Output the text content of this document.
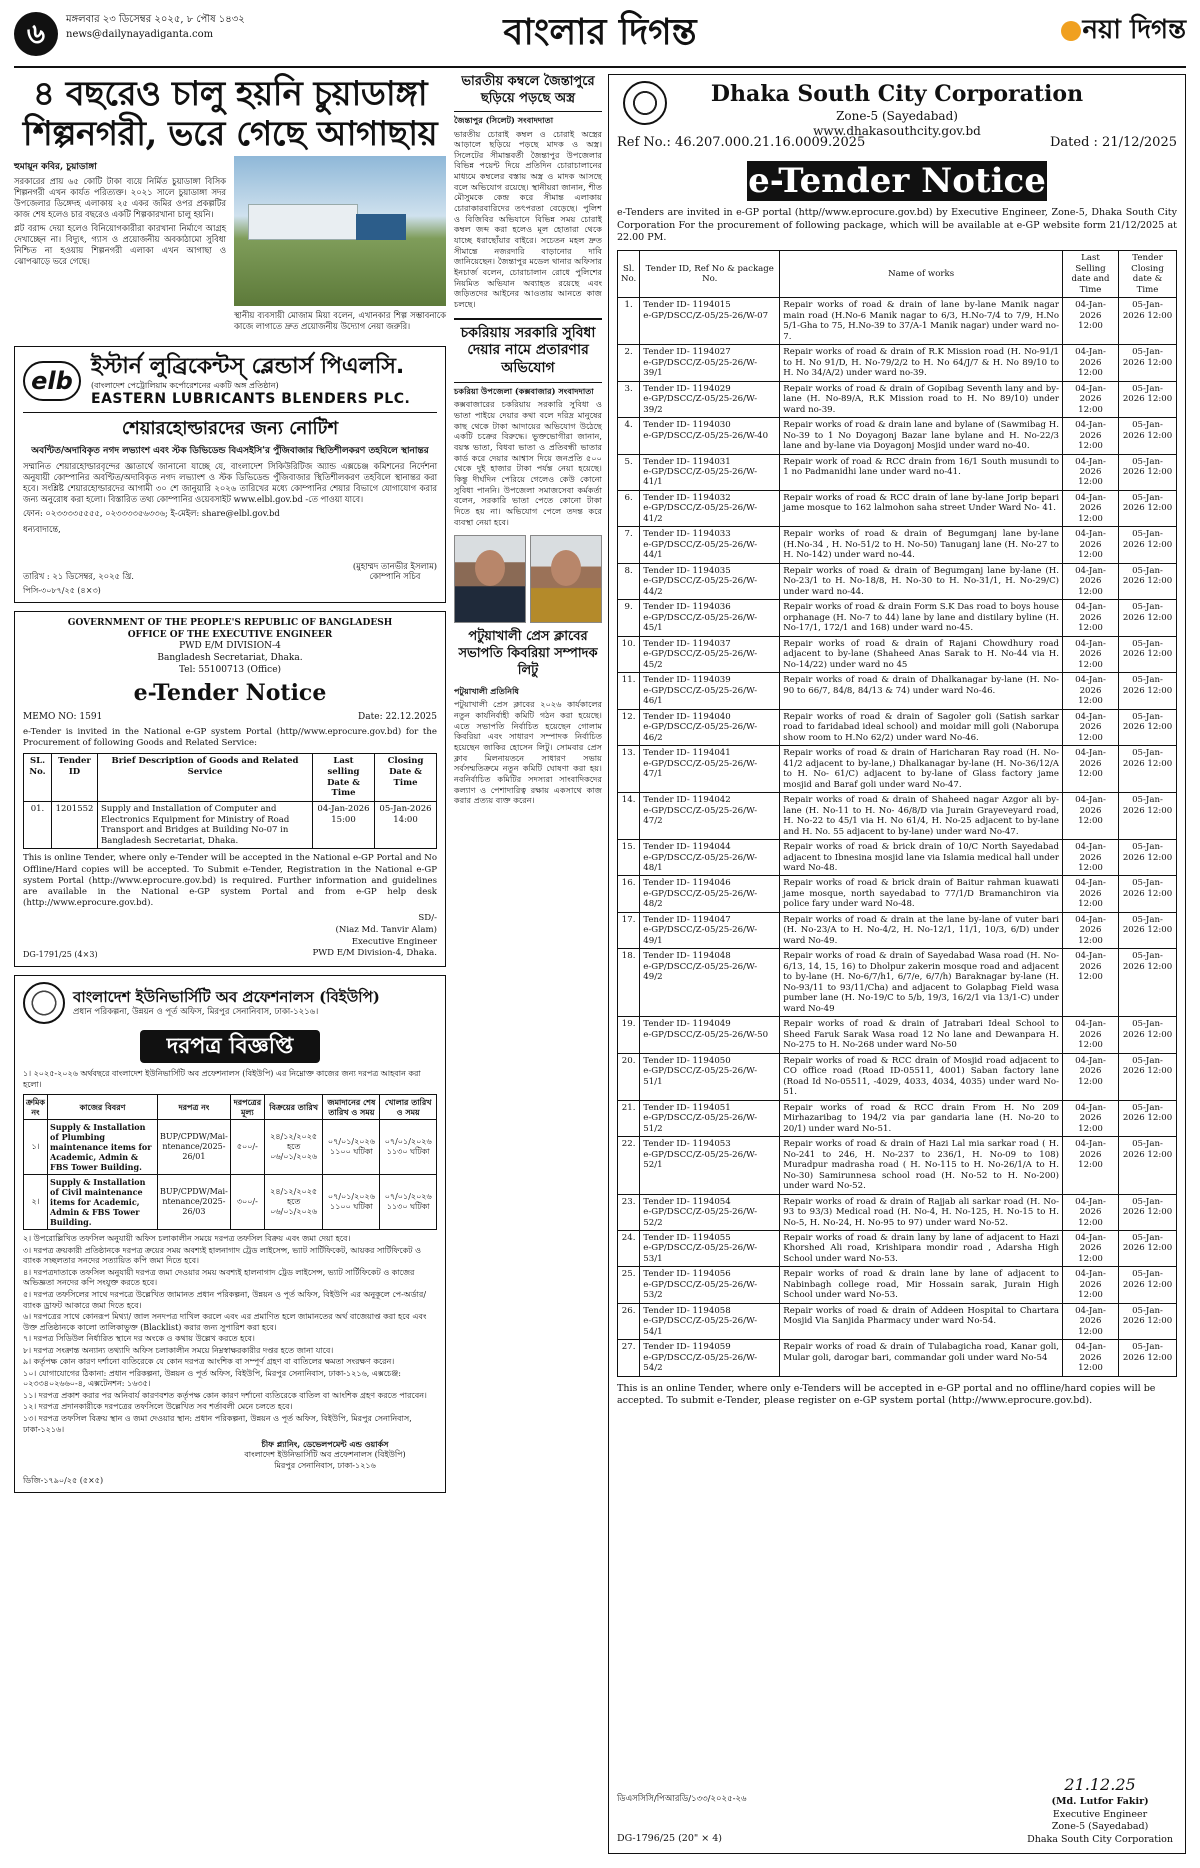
৬	মঙ্গলবার ২৩ ডিসেম্বর ২০২৫, ৮ পৌষ ১৪৩২
news@dailynayadiganta.com	বাংলার দিগন্ত	নয়া দিগন্ত
৪ বছরেও চালু হয়নি চুয়াডাঙ্গা শিল্পনগরী, ভরে গেছে আগাছায়
হুমায়ূন কবির, চুয়াডাঙ্গা
সরকারের প্রায় ৬৫ কোটি টাকা ব্যয়ে নির্মিত চুয়াডাঙ্গা বিসিক শিল্পনগরী এখন কার্যত পরিত্যক্ত। ২০২১ সালে চুয়াডাঙ্গা সদর উপজেলার ডিঙ্গেদহ এলাকায় ২৫ একর জমির ওপর প্রকল্পটির কাজ শেষ হলেও চার বছরেও একটি শিল্পকারখানা চালু হয়নি।
প্লট বরাদ্দ দেয়া হলেও বিনিয়োগকারীরা কারখানা নির্মাণে আগ্রহ দেখাচ্ছেন না। বিদ্যুৎ, গ্যাস ও প্রয়োজনীয় অবকাঠামো সুবিধা নিশ্চিত না হওয়ায় শিল্পনগরী এলাকা এখন আগাছা ও ঝোপঝাড়ে ভরে গেছে।
স্থানীয় ব্যবসায়ী মোজাম মিয়া বলেন, এখানকার শিল্প সম্ভাবনাকে কাজে লাগাতে দ্রুত প্রয়োজনীয় উদ্যোগ নেয়া জরুরি।
elb ইস্টার্ন লুব্রিকেন্টস্ ব্লেন্ডার্স পিএলসি.
(বাংলাদেশ পেট্রোলিয়াম কর্পোরেশনের একটি অঙ্গ প্রতিষ্ঠান)
EASTERN LUBRICANTS BLENDERS PLC.
শেয়ারহোল্ডারদের জন্য নোটিশ
অবণ্টিত/অদাবিকৃত নগদ লভ্যাংশ এবং স্টক ডিভিডেন্ড বিএসইসি'র পুঁজিবাজার স্থিতিশীলকরণ তহবিলে স্থানান্তর
সম্মানিত শেয়ারহোল্ডারবৃন্দের জ্ঞাতার্থে জানানো যাচ্ছে যে, বাংলাদেশ সিকিউরিটিজ অ্যান্ড এক্সচেঞ্জ কমিশনের নির্দেশনা অনুযায়ী কোম্পানির অবণ্টিত/অদাবিকৃত নগদ লভ্যাংশ ও স্টক ডিভিডেন্ড পুঁজিবাজার স্থিতিশীলকরণ তহবিলে স্থানান্তর করা হবে। সংশ্লিষ্ট শেয়ারহোল্ডারদের আগামী ৩০ শে জানুয়ারি ২০২৬ তারিখের মধ্যে কোম্পানির শেয়ার বিভাগে যোগাযোগ করার জন্য অনুরোধ করা হলো। বিস্তারিত তথ্য কোম্পানির ওয়েবসাইট www.elbl.gov.bd -তে পাওয়া যাবে।
ফোন: ০২৩৩৩৩৫৫৫৫, ০২৩৩৩৩৫৬৩৩৬; ই-মেইল: share@elbl.gov.bd
ধন্যবাদান্তে,
তারিখ : ২১ ডিসেম্বর, ২০২৫ খ্রি.
(মুহাম্মদ তানভীর ইসলাম)
কোম্পানি সচিব
পিসি-৩০৮৭/২৫ (৪×৩)
GOVERNMENT OF THE PEOPLE'S REPUBLIC OF BANGLADESH
OFFICE OF THE EXECUTIVE ENGINEER
PWD E/M DIVISION-4
Bangladesh Secretariat, Dhaka.
Tel: 55100713 (Office)
e-Tender Notice
MEMO NO: 1591	Date: 22.12.2025
e-Tender is invited in the National e-GP system Portal (http//www.eprocure.gov.bd) for the Procurement of following Goods and Related Service:
SL. No.	Tender ID	Brief Description of Goods and Related Service	Last selling Date & Time	Closing Date & Time
01.	1201552	Supply and Installation of Computer and Electronics Equipment for Ministry of Road Transport and Bridges at Building No-07 in Bangladesh Secretariat, Dhaka.	04-Jan-2026 15:00	05-Jan-2026 14:00
This is online Tender, where only e-Tender will be accepted in the National e-GP Portal and No Offline/Hard copies will be accepted. To Submit e-Tender, Registration in the National e-GP system Portal (http://www.eprocure.gov.bd) is required. Further information and guidelines are available in the National e-GP system Portal and from e-GP help desk (http://www.eprocure.gov.bd).
SD/-
(Niaz Md. Tanvir Alam)
Executive Engineer
PWD E/M Division-4, Dhaka.
DG-1791/25 (4×3)
বাংলাদেশ ইউনিভার্সিটি অব প্রফেশনালস (বিইউপি)
প্রধান পরিকল্পনা, উন্নয়ন ও পূর্ত অফিস, মিরপুর সেনানিবাস, ঢাকা-১২১৬।
দরপত্র বিজ্ঞপ্তি
১। ২০২৫-২০২৬ অর্থবছরে বাংলাদেশ ইউনিভার্সিটি অব প্রফেশনালস (বিইউপি) এর নিম্নোক্ত কাজের জন্য দরপত্র আহবান করা হলো।
ক্রমিক নং	কাজের বিবরণ	দরপত্র নং	দরপত্রের মূল্য	বিক্রয়ের তারিখ	জমাদানের শেষ তারিখ ও সময়	খোলার তারিখ ও সময়
১।	Supply & Installation of Plumbing maintenance items for Academic, Admin & FBS Tower Building.	BUP/CPDW/Mai-ntenance/2025-26/01	৫০০/-	২৪/১২/২০২৫ হতে ০৬/০১/২০২৬	০৭/০১/২০২৬ ১১০০ ঘটিকা	০৭/০১/২০২৬ ১১৩০ ঘটিকা
২।	Supply & Installation of Civil maintenance items for Academic, Admin & FBS Tower Building.	BUP/CPDW/Mai-ntenance/2025-26/03	৩০০/-	২৪/১২/২০২৫ হতে ০৬/০১/২০২৬	০৭/০১/২০২৬ ১১০০ ঘটিকা	০৭/০১/২০২৬ ১১৩০ ঘটিকা
২। উপরোল্লিখিত তফসিল অনুযায়ী অফিস চলাকালীন সময়ে দরপত্র তফসিল বিক্রয় এবং জমা দেয়া হবে।
৩। দরপত্র ক্রয়কারী প্রতিষ্ঠানকে দরপত্র ক্রয়ের সময় অবশ্যই হালনাগাদ ট্রেড লাইসেন্স, ভ্যাট সার্টিফিকেট, আয়কর সার্টিফিকেট ও ব্যাংক সচ্ছলতার সনদের সত্যায়িত কপি জমা দিতে হবে।
৪। দরপত্রদাতাকে তফসিল অনুযায়ী দরপত্র জমা দেওয়ার সময় অবশ্যই হালনাগাদ ট্রেড লাইসেন্স, ভ্যাট সার্টিফিকেট ও কাজের অভিজ্ঞতা সনদের কপি সংযুক্ত করতে হবে।
৫। দরপত্র তফসিলের সাথে দরপত্রে উল্লেখিত জামানত প্রধান পরিকল্পনা, উন্নয়ন ও পূর্ত অফিস, বিইউপি এর অনুকূলে পে-অর্ডার/ব্যাংক ড্রাফট আকারে জমা দিতে হবে।
৬। দরপত্রের সাথে কোনরূপ মিথ্যা/ জাল সনদপত্র দাখিল করলে এবং এর প্রমাণিত হলে জামানতের অর্থ বাজেয়াপ্ত করা হবে এবং উক্ত প্রতিষ্ঠানকে কালো তালিকাভুক্ত (Blacklist) করার জন্য সুপারিশ করা হবে।
৭। দরপত্র সিডিউল নির্ধারিত স্থানে দর অংকে ও কথায় উল্লেখ করতে হবে।
৮। দরপত্র সংক্রান্ত অন্যান্য তথ্যাদি অফিস চলাকালীন সময়ে নিম্নস্বাক্ষরকারীর দপ্তর হতে জানা যাবে।
৯। কর্তৃপক্ষ কোন কারণ দর্শানো ব্যতিরেকে যে কোন দরপত্র আংশিক বা সম্পূর্ণ গ্রহণ বা বাতিলের ক্ষমতা সংরক্ষণ করেন।
১০। যোগাযোগের ঠিকানা: প্রধান পরিকল্পনা, উন্নয়ন ও পূর্ত অফিস, বিইউপি, মিরপুর সেনানিবাস, ঢাকা-১২১৬, এক্সচেঞ্জ: ০২৩৩৪০২৬৬০-৪, এক্সটেনশন: ১৬৩৫।
১১। দরপত্র প্রকাশ করার পর অনিবার্য কারণবশত কর্তৃপক্ষ কোন কারণ দর্শানো ব্যতিরেকে বাতিল বা আংশিক গ্রহণ করতে পারবেন।
১২। দরপত্র প্রদানকারীকে দরপত্রের তফসিলে উল্লেখিত সব শর্তাবলী মেনে চলতে হবে।
১৩। দরপত্র তফসিল বিক্রয় স্থান ও জমা দেওয়ার স্থান: প্রধান পরিকল্পনা, উন্নয়ন ও পূর্ত অফিস, বিইউপি, মিরপুর সেনানিবাস, ঢাকা-১২১৬।
চীফ প্ল্যানিং, ডেভেলপমেন্ট এন্ড ওয়ার্কস
বাংলাদেশ ইউনিভার্সিটি অব প্রফেশনালস (বিইউপি)
মিরপুর সেনানিবাস, ঢাকা-১২১৬
ডিজি-১৭৯০/২৫ (৫×৫)
ভারতীয় কম্বলে জৈন্তাপুরে ছড়িয়ে পড়ছে অস্ত্র
জৈন্তাপুর (সিলেট) সংবাদদাতা
ভারতীয় চোরাই কম্বল ও চোরাই অস্ত্রের আড়ালে ছড়িয়ে পড়ছে মাদক ও অস্ত্র। সিলেটের সীমান্তবর্তী জৈন্তাপুর উপজেলার বিভিন্ন পয়েন্ট দিয়ে প্রতিদিন চোরাচালানের মাধ্যমে কম্বলের বস্তায় অস্ত্র ও মাদক আসছে বলে অভিযোগ রয়েছে। স্থানীয়রা জানান, শীত মৌসুমকে কেন্দ্র করে সীমান্ত এলাকায় চোরাকারবারিদের তৎপরতা বেড়েছে। পুলিশ ও বিজিবির অভিযানে বিভিন্ন সময় চোরাই কম্বল জব্দ করা হলেও মূল হোতারা থেকে যাচ্ছে ধরাছোঁয়ার বাইরে। সচেতন মহল দ্রুত সীমান্তে নজরদারি বাড়ানোর দাবি জানিয়েছেন। জৈন্তাপুর মডেল থানার অফিসার ইনচার্জ বলেন, চোরাচালান রোধে পুলিশের নিয়মিত অভিযান অব্যাহত রয়েছে এবং জড়িতদের আইনের আওতায় আনতে কাজ চলছে।
চকরিয়ায় সরকারি সুবিধা দেয়ার নামে প্রতারণার অভিযোগ
চকরিয়া উপজেলা (কক্সবাজার) সংবাদদাতা
কক্সবাজারের চকরিয়ায় সরকারি সুবিধা ও ভাতা পাইয়ে দেয়ার কথা বলে দরিদ্র মানুষের কাছ থেকে টাকা আদায়ের অভিযোগ উঠেছে একটি চক্রের বিরুদ্ধে। ভুক্তভোগীরা জানান, বয়স্ক ভাতা, বিধবা ভাতা ও প্রতিবন্ধী ভাতার কার্ড করে দেয়ার আশ্বাস দিয়ে জনপ্রতি ৫০০ থেকে দুই হাজার টাকা পর্যন্ত নেয়া হয়েছে। কিন্তু দীর্ঘদিন পেরিয়ে গেলেও কেউ কোনো সুবিধা পাননি। উপজেলা সমাজসেবা কর্মকর্তা বলেন, সরকারি ভাতা পেতে কোনো টাকা দিতে হয় না। অভিযোগ পেলে তদন্ত করে ব্যবস্থা নেয়া হবে।
পটুয়াখালী প্রেস ক্লাবের সভাপতি কিবরিয়া সম্পাদক লিটু
পটুয়াখালী প্রতিনিধি
পটুয়াখালী প্রেস ক্লাবের ২০২৬ কার্যকালের নতুন কার্যনির্বাহী কমিটি গঠন করা হয়েছে। এতে সভাপতি নির্বাচিত হয়েছেন গোলাম কিবরিয়া এবং সাধারণ সম্পাদক নির্বাচিত হয়েছেন জাকির হোসেন লিটু। সোমবার প্রেস ক্লাব মিলনায়তনে সাধারণ সভায় সর্বসম্মতিক্রমে নতুন কমিটি ঘোষণা করা হয়। নবনির্বাচিত কমিটির সদস্যরা সাংবাদিকদের কল্যাণ ও পেশাদারিত্ব রক্ষায় একসাথে কাজ করার প্রত্যয় ব্যক্ত করেন।
Dhaka South City Corporation
Zone-5 (Sayedabad)
www.dhakasouthcity.gov.bd
Ref No.: 46.207.000.21.16.0009.2025	Dated : 21/12/2025
e-Tender Notice
e-Tenders are invited in e-GP portal (http//www.eprocure.gov.bd) by Executive Engineer, Zone-5, Dhaka South City Corporation For the procurement of following package, which will be available at e-GP website form 21/12/2025 at 22.00 PM.
Sl. No.	Tender ID, Ref No & package No.	Name of works	Last Selling date and Time	Tender Closing date & Time
1.	Tender ID- 1194015
e-GP/DSCC/Z-05/25-26/W-07	Repair works of road & drain of lane by-lane Manik nagar main road (H.No-6 Manik nagar to 6/3, H.No-7/4 to 7/9, H.No 5/1-Gha to 75, H.No-39 to 37/A-1 Manik nagar) under ward no-7.	04-Jan-2026 12:00	05-Jan-2026 12:00
2.	Tender ID- 1194027
e-GP/DSCC/Z-05/25-26/W-39/1	Repair works of road & drain of R.K Mission road (H. No-91/1 to H. No 91/D, H. No-79/2/2 to H. No 64/J/7 & H. No 89/10 to H. No 34/A/2) under ward no-39.	04-Jan-2026 12:00	05-Jan-2026 12:00
3.	Tender ID- 1194029
e-GP/DSCC/Z-05/25-26/W-39/2	Repair works of road & drain of Gopibag Seventh lany and by-lane (H. No-89/A, R.K Mission road to H. No 89/10) under ward no-39.	04-Jan-2026 12:00	05-Jan-2026 12:00
4.	Tender ID- 1194030
e-GP/DSCC/Z-05/25-26/W-40	Repair works of road & drain lane and bylane of (Sawmibag H. No-39 to 1 No Doyagonj Bazar lane bylane and H. No-22/3 lane and by-lane via Doyagonj Mosjid under ward no-40.	04-Jan-2026 12:00	05-Jan-2026 12:00
5.	Tender ID- 1194031
e-GP/DSCC/Z-05/25-26/W-41/1	Repair work of road & RCC drain from 16/1 South musundi to 1 no Padmanidhi lane under ward no-41.	04-Jan-2026 12:00	05-Jan-2026 12:00
6.	Tender ID- 1194032
e-GP/DSCC/Z-05/25-26/W-41/2	Repair works of road & RCC drain of lane by-lane Jorip bepari jame mosque to 162 lalmohon saha street Under Ward No- 41.	04-Jan-2026 12:00	05-Jan-2026 12:00
7.	Tender ID- 1194033
e-GP/DSCC/Z-05/25-26/W-44/1	Repair works of road & drain of Begumganj lane by-lane (H.No-34 , H. No-51/2 to H. No-50) Tanuganj lane (H. No-27 to H. No-142) under ward no-44.	04-Jan-2026 12:00	05-Jan-2026 12:00
8.	Tender ID- 1194035
e-GP/DSCC/Z-05/25-26/W-44/2	Repair works of road & drain of Begumganj lane by-lane (H. No-23/1 to H. No-18/8, H. No-30 to H. No-31/1, H. No-29/C) under ward no-44.	04-Jan-2026 12:00	05-Jan-2026 12:00
9.	Tender ID- 1194036
e-GP/DSCC/Z-05/25-26/W-45/1	Repair works of road & drain Form S.K Das road to boys house orphanage (H. No-7 to 44) lane by lane and distilary byline (H. No-17/1, 172/1 and 168) under ward no-45.	04-Jan-2026 12:00	05-Jan-2026 12:00
10.	Tender ID- 1194037
e-GP/DSCC/Z-05/25-26/W-45/2	Repair works of road & drain of Rajani Chowdhury road adjacent to by-lane (Shaheed Anas Sarak to H. No-44 via H. No-14/22) under ward no 45	04-Jan-2026 12:00	05-Jan-2026 12:00
11.	Tender ID- 1194039
e-GP/DSCC/Z-05/25-26/W-46/1	Repair works of road & drain of Dhalkanagar by-lane (H. No-90 to 66/7, 84/8, 84/13 & 74) under ward No-46.	04-Jan-2026 12:00	05-Jan-2026 12:00
12.	Tender ID- 1194040
e-GP/DSCC/Z-05/25-26/W-46/2	Repair works of road & drain of Sagoler goli (Satish sarkar road to faridabad ideal school) and moidar mill goli (Naborupa show room to H.No 62/2) under ward No-46.	04-Jan-2026 12:00	05-Jan-2026 12:00
13.	Tender ID- 1194041
e-GP/DSCC/Z-05/25-26/W-47/1	Repair works of road & drain of Haricharan Ray road (H. No-41/2 adjacent to by-lane,) Dhalkanagar by-lane (H. No-36/12/A to H. No- 61/C) adjacent to by-lane of Glass factory jame mosjid and Baraf goli under ward No-47.	04-Jan-2026 12:00	05-Jan-2026 12:00
14.	Tender ID- 1194042
e-GP/DSCC/Z-05/25-26/W-47/2	Repair works of road & drain of Shaheed nagar Azgor ali by-lane (H. No-11 to H. No- 46/8/D via Jurain Grayeveyard road, H. No-22 to 45/1 via H. No 61/4, H. No-25 adjacent to by-lane and H. No. 55 adjacent to by-lane) under ward No-47.	04-Jan-2026 12:00	05-Jan-2026 12:00
15.	Tender ID- 1194044
e-GP/DSCC/Z-05/25-26/W-48/1	Repair works of road & brick drain of 10/C North Sayedabad adjacent to Ibnesina mosjid lane via Islamia medical hall under ward No-48.	04-Jan-2026 12:00	05-Jan-2026 12:00
16.	Tender ID- 1194046
e-GP/DSCC/Z-05/25-26/W-48/2	Repair works of road & brick drain of Baitur rahman kuawati jame mosque, north sayedabad to 77/1/D Bramanchiron via police fary under ward No-48.	04-Jan-2026 12:00	05-Jan-2026 12:00
17.	Tender ID- 1194047
e-GP/DSCC/Z-05/25-26/W-49/1	Repair works of road & drain at the lane by-lane of vuter bari (H. No-23/A to H. No-4/2, H. No-12/1, 11/1, 10/3, 6/D) under ward No-49.	04-Jan-2026 12:00	05-Jan-2026 12:00
18.	Tender ID- 1194048
e-GP/DSCC/Z-05/25-26/W-49/2	Repair works of road & drain of Sayedabad Wasa road (H. No-6/13, 14, 15, 16) to Dholpur zakerin mosque road and adjacent to by-lane (H. No-6/7/h1, 6/7/e, 6/7/h) Baraknagar by-lane (H. No-93/11 to 93/11/Cha) and adjacent to Golapbag Field wasa pumber lane (H. No-19/C to 5/b, 19/3, 16/2/1 via 13/1-C) under ward No-49	04-Jan-2026 12:00	05-Jan-2026 12:00
19.	Tender ID- 1194049
e-GP/DSCC/Z-05/25-26/W-50	Repair works of road & drain of Jatrabari Ideal School to Sheed Faruk Sarak Wasa road 12 No lane and Dewanpara H. No-275 to H. No-268 under ward No-50	04-Jan-2026 12:00	05-Jan-2026 12:00
20.	Tender ID- 1194050
e-GP/DSCC/Z-05/25-26/W-51/1	Repair works of road & RCC drain of Mosjid road adjacent to CO office road (Road ID-05511, 4001) Saban factory lane (Road Id No-05511, -4029, 4033, 4034, 4035) under ward No-51.	04-Jan-2026 12:00	05-Jan-2026 12:00
21.	Tender ID- 1194051
e-GP/DSCC/Z-05/25-26/W-51/2	Repair works of road & RCC drain From H. No 209 Mirhazaribag to 194/2 via par gandaria lane (H. No-20 to 20/1) under ward No-51.	04-Jan-2026 12:00	05-Jan-2026 12:00
22.	Tender ID- 1194053
e-GP/DSCC/Z-05/25-26/W-52/1	Repair works of road & drain of Hazi Lal mia sarkar road ( H. No-241 to 246, H. No-237 to 236/1, H. No-09 to 108) Muradpur madrasha road ( H. No-115 to H. No-26/1/A to H. No-30) Samirunnesa school road (H. No-52 to H. No-200) under ward No-52.	04-Jan-2026 12:00	05-Jan-2026 12:00
23.	Tender ID- 1194054
e-GP/DSCC/Z-05/25-26/W-52/2	Repair works of road & drain of Rajjab ali sarkar road (H. No-93 to 93/3) Medical road (H. No-4, H. No-125, H. No-15 to H. No-5, H. No-24, H. No-95 to 97) under ward No-52.	04-Jan-2026 12:00	05-Jan-2026 12:00
24.	Tender ID- 1194055
e-GP/DSCC/Z-05/25-26/W- 53/1	Repair works of road & drain lany by lane of adjacent to Hazi Khorshed Ali road, Krishipara mondir road , Adarsha High School under ward No-53.	04-Jan-2026 12:00	05-Jan-2026 12:00
25.	Tender ID- 1194056
e-GP/DSCC/Z-05/25-26/W-53/2	Repair works of road & drain lane by lane of adjacent to Nabinbagh college road, Mir Hossain sarak, Jurain High School under ward No-53.	04-Jan-2026 12:00	05-Jan-2026 12:00
26.	Tender ID- 1194058
e-GP/DSCC/Z-05/25-26/W-54/1	Repair works of road & drain of Addeen Hospital to Chartara Mosjid Via Sanjida Pharmacy under ward No-54.	04-Jan-2026 12:00	05-Jan-2026 12:00
27.	Tender ID- 1194059
e-GP/DSCC/Z-05/25-26/W-54/2	Repair works of road & drain of Tulabagicha road, Kanar goli, Mular goli, darogar bari, commandar goli under ward No-54	04-Jan-2026 12:00	05-Jan-2026 12:00
This is an online Tender, where only e-Tenders will be accepted in e-GP portal and no offline/hard copies will be accepted. To submit e-Tender, please register on e-GP system portal (http://www.eprocure.gov.bd).
ডিএসসিসি/পিআরডি/১৩৩/২০২৫-২৬
DG-1796/25 (20" × 4)
21.12.25
(Md. Lutfor Fakir)
Executive Engineer
Zone-5 (Sayedabad)
Dhaka South City Corporation
